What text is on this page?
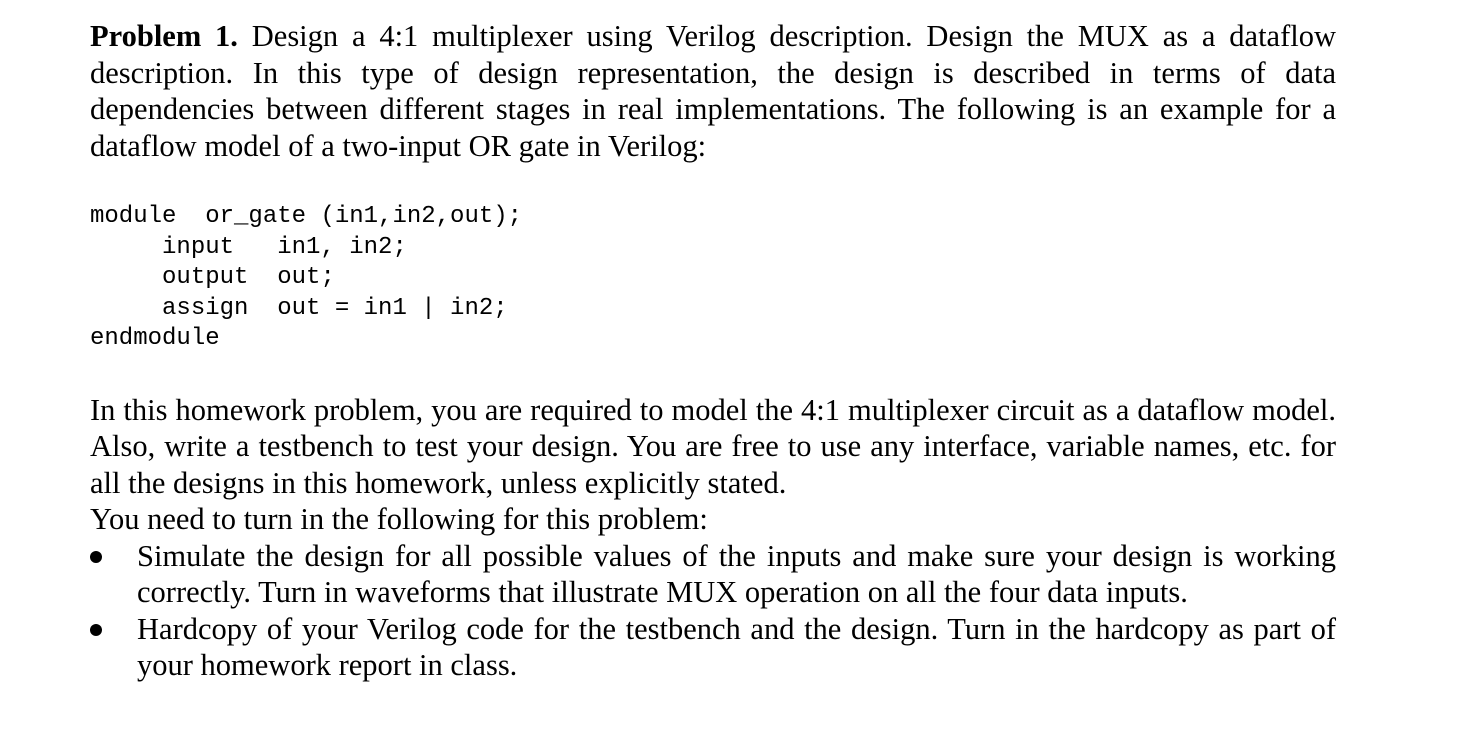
Problem 1. Design a 4:1 multiplexer using Verilog description. Design the MUX as a dataflow description. In this type of design representation, the design is described in terms of data dependencies between different stages in real implementations. The following is an example for a dataflow model of a two-input OR gate in Verilog:

module  or_gate (in1,in2,out);
input   in1, in2;
output  out;
assign  out = in1 | in2;
endmodule

In this homework problem, you are required to model the 4:1 multiplexer circuit as a dataflow model. Also, write a testbench to test your design. You are free to use any interface, variable names, etc. for all the designs in this homework, unless explicitly stated.

You need to turn in the following for this problem:

Simulate the design for all possible values of the inputs and make sure your design is working correctly. Turn in waveforms that illustrate MUX operation on all the four data inputs.
Hardcopy of your Verilog code for the testbench and the design. Turn in the hardcopy as part of your homework report in class.
